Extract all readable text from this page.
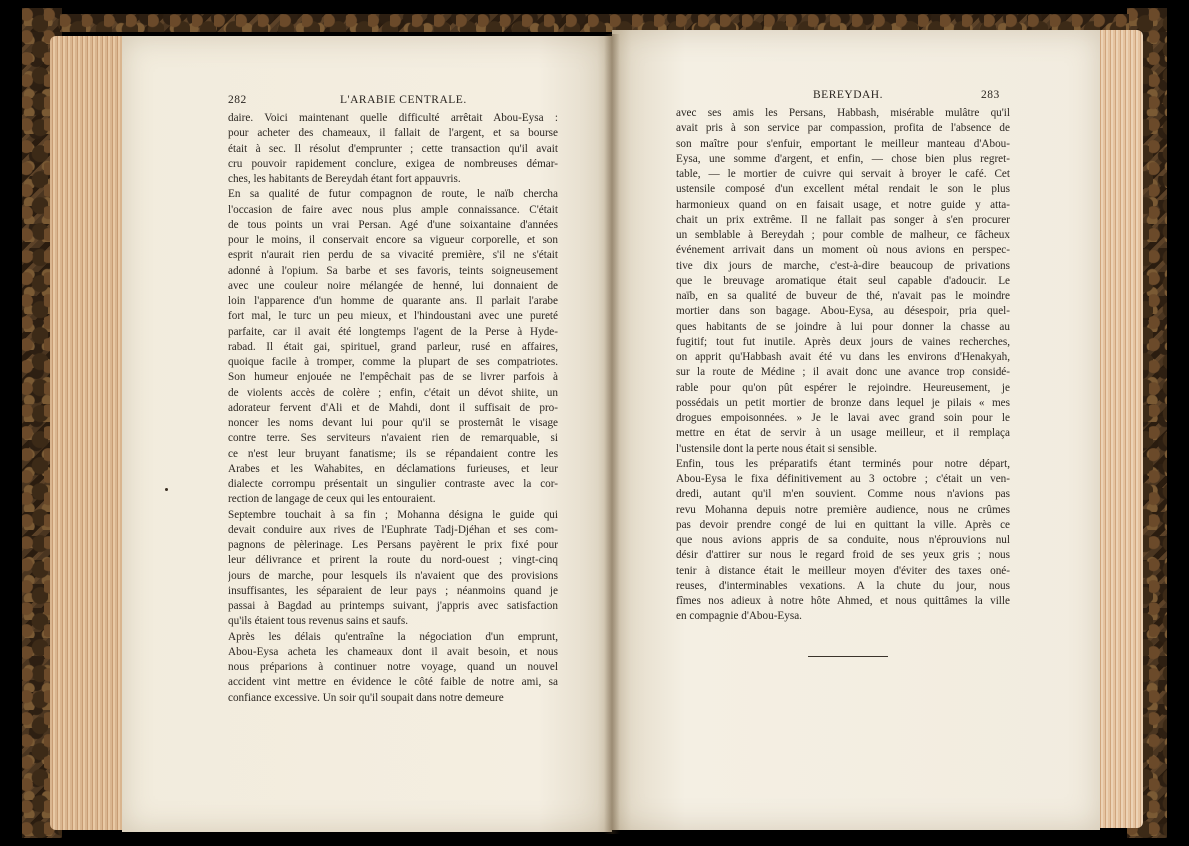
282	L'ARABIE CENTRALE.	BEREYDAH.	283

daire. Voici maintenant quelle difficulté arrêtait Abou-Eysa :

pour acheter des chameaux, il fallait de l'argent, et sa bourse

était à sec. Il résolut d'emprunter ; cette transaction qu'il avait

cru pouvoir rapidement conclure, exigea de nombreuses démar-

ches, les habitants de Bereydah étant fort appauvris.

En sa qualité de futur compagnon de route, le naïb chercha

l'occasion de faire avec nous plus ample connaissance. C'était

de tous points un vrai Persan. Agé d'une soixantaine d'années

pour le moins, il conservait encore sa vigueur corporelle, et son

esprit n'aurait rien perdu de sa vivacité première, s'il ne s'était

adonné à l'opium. Sa barbe et ses favoris, teints soigneusement

avec une couleur noire mélangée de henné, lui donnaient de

loin l'apparence d'un homme de quarante ans. Il parlait l'arabe

fort mal, le turc un peu mieux, et l'hindoustani avec une pureté

parfaite, car il avait été longtemps l'agent de la Perse à Hyde-

rabad. Il était gai, spirituel, grand parleur, rusé en affaires,

quoique facile à tromper, comme la plupart de ses compatriotes.

Son humeur enjouée ne l'empêchait pas de se livrer parfois à

de violents accès de colère ; enfin, c'était un dévot shiite, un

adorateur fervent d'Ali et de Mahdi, dont il suffisait de pro-

noncer les noms devant lui pour qu'il se prosternât le visage

contre terre. Ses serviteurs n'avaient rien de remarquable, si

ce n'est leur bruyant fanatisme; ils se répandaient contre les

Arabes et les Wahabites, en déclamations furieuses, et leur

dialecte corrompu présentait un singulier contraste avec la cor-

rection de langage de ceux qui les entouraient.

Septembre touchait à sa fin ; Mohanna désigna le guide qui

devait conduire aux rives de l'Euphrate Tadj-Djéhan et ses com-

pagnons de pèlerinage. Les Persans payèrent le prix fixé pour

leur délivrance et prirent la route du nord-ouest ; vingt-cinq

jours de marche, pour lesquels ils n'avaient que des provisions

insuffisantes, les séparaient de leur pays ; néanmoins quand je

passai à Bagdad au printemps suivant, j'appris avec satisfaction

qu'ils étaient tous revenus sains et saufs.

Après les délais qu'entraîne la négociation d'un emprunt,

Abou-Eysa acheta les chameaux dont il avait besoin, et nous

nous préparions à continuer notre voyage, quand un nouvel

accident vint mettre en évidence le côté faible de notre ami, sa

confiance excessive. Un soir qu'il soupait dans notre demeure

avec ses amis les Persans, Habbash, misérable mulâtre qu'il

avait pris à son service par compassion, profita de l'absence de

son maître pour s'enfuir, emportant le meilleur manteau d'Abou-

Eysa, une somme d'argent, et enfin, — chose bien plus regret-

table, — le mortier de cuivre qui servait à broyer le café. Cet

ustensile composé d'un excellent métal rendait le son le plus

harmonieux quand on en faisait usage, et notre guide y atta-

chait un prix extrême. Il ne fallait pas songer à s'en procurer

un semblable à Bereydah ; pour comble de malheur, ce fâcheux

événement arrivait dans un moment où nous avions en perspec-

tive dix jours de marche, c'est-à-dire beaucoup de privations

que le breuvage aromatique était seul capable d'adoucir. Le

naïb, en sa qualité de buveur de thé, n'avait pas le moindre

mortier dans son bagage. Abou-Eysa, au désespoir, pria quel-

ques habitants de se joindre à lui pour donner la chasse au

fugitif; tout fut inutile. Après deux jours de vaines recherches,

on apprit qu'Habbash avait été vu dans les environs d'Henakyah,

sur la route de Médine ; il avait donc une avance trop considé-

rable pour qu'on pût espérer le rejoindre. Heureusement, je

possédais un petit mortier de bronze dans lequel je pilais « mes

drogues empoisonnées. » Je le lavai avec grand soin pour le

mettre en état de servir à un usage meilleur, et il remplaça

l'ustensile dont la perte nous était si sensible.

Enfin, tous les préparatifs étant terminés pour notre départ,

Abou-Eysa le fixa définitivement au 3 octobre ; c'était un ven-

dredi, autant qu'il m'en souvient. Comme nous n'avions pas

revu Mohanna depuis notre première audience, nous ne crûmes

pas devoir prendre congé de lui en quittant la ville. Après ce

que nous avions appris de sa conduite, nous n'éprouvions nul

désir d'attirer sur nous le regard froid de ses yeux gris ; nous

tenir à distance était le meilleur moyen d'éviter des taxes oné-

reuses, d'interminables vexations. A la chute du jour, nous

fîmes nos adieux à notre hôte Ahmed, et nous quittâmes la ville

en compagnie d'Abou-Eysa.
